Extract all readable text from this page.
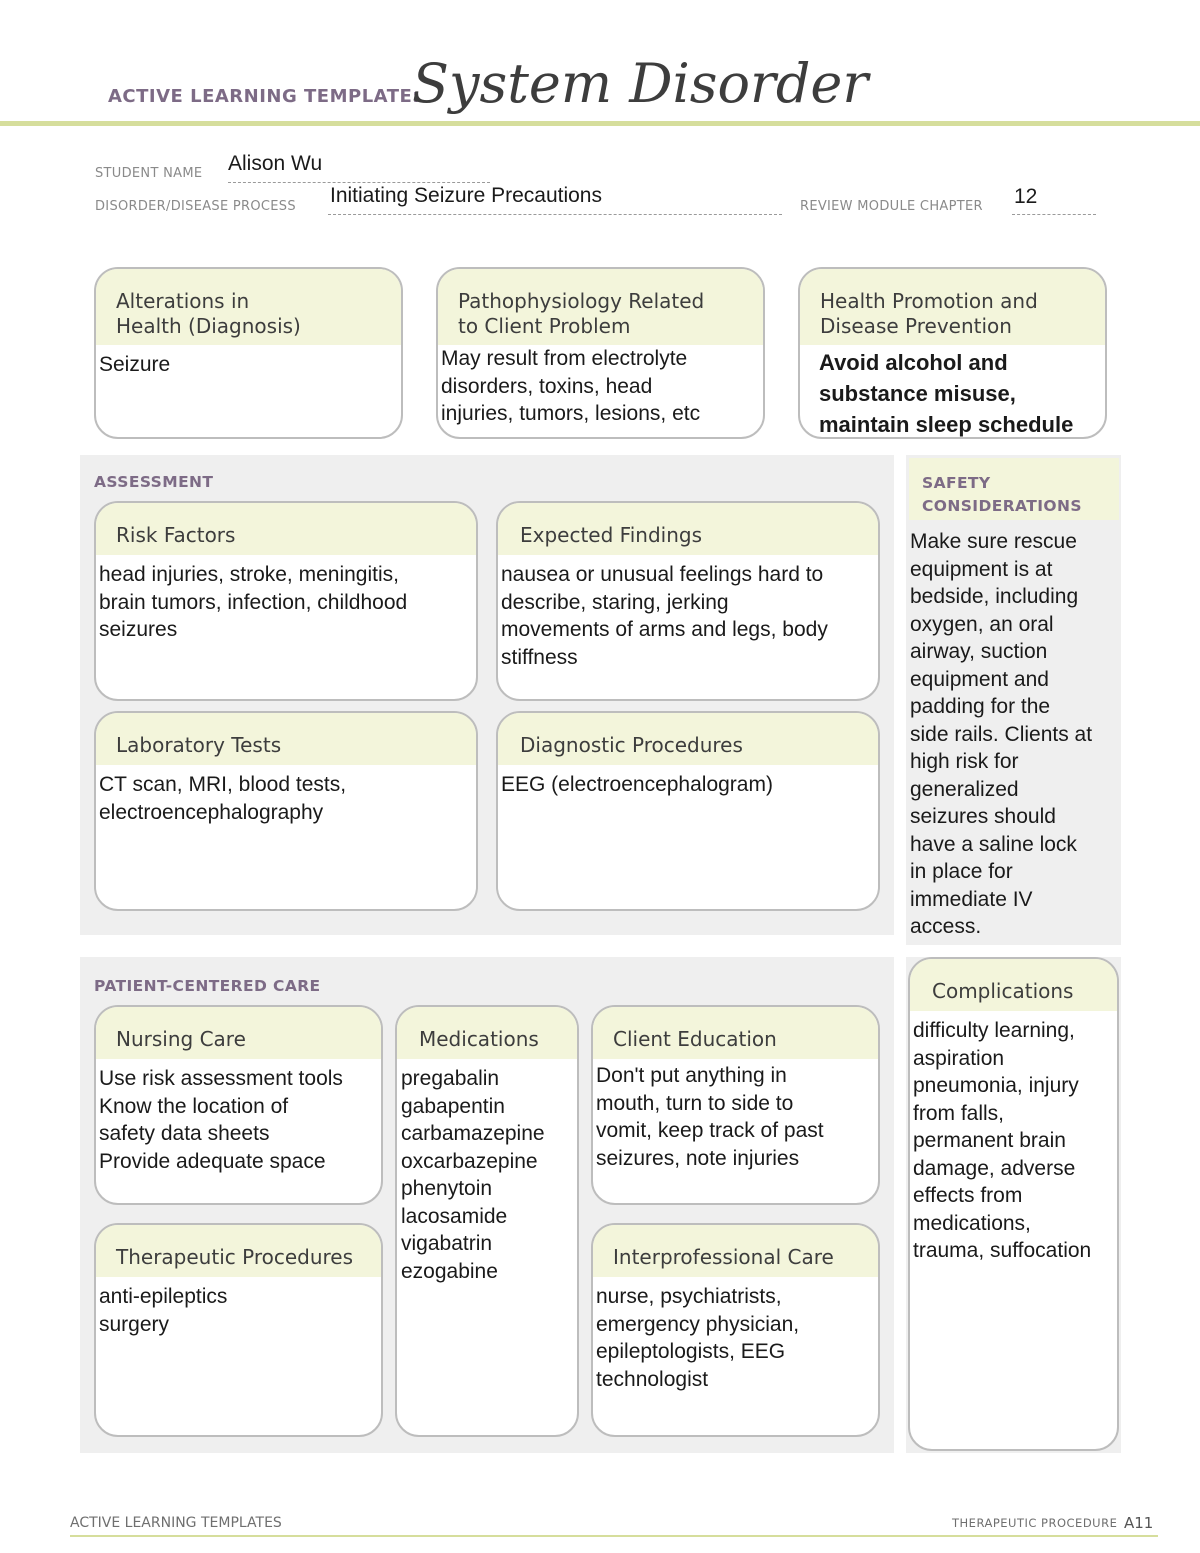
ACTIVE LEARNING TEMPLATE:
System Disorder
STUDENT NAME Alison Wu
DISORDER/DISEASE PROCESS Initiating Seizure Precautions	REVIEW MODULE CHAPTER 12
Alterations in
Health (Diagnosis)
Seizure
Pathophysiology Related
to Client Problem
May result from electrolyte
disorders, toxins, head
injuries, tumors, lesions, etc
Health Promotion and
Disease Prevention
Avoid alcohol and
substance misuse,
maintain sleep schedule
ASSESSMENT
Risk Factors
head injuries, stroke, meningitis,
brain tumors, infection, childhood
seizures
Expected Findings
nausea or unusual feelings hard to
describe, staring, jerking
movements of arms and legs, body
stiffness
Laboratory Tests
CT scan, MRI, blood tests,
electroencephalography
Diagnostic Procedures
EEG (electroencephalogram)
SAFETY
CONSIDERATIONS
Make sure rescue
equipment is at
bedside, including
oxygen, an oral
airway, suction
equipment and
padding for the
side rails. Clients at
high risk for
generalized
seizures should
have a saline lock
in place for
immediate IV
access.
PATIENT-CENTERED CARE
Nursing Care
Use risk assessment tools
Know the location of
safety data sheets
Provide adequate space
Medications
pregabalin
gabapentin
carbamazepine
oxcarbazepine
phenytoin
lacosamide
vigabatrin
ezogabine
Client Education
Don't put anything in
mouth, turn to side to
vomit, keep track of past
seizures, note injuries
Therapeutic Procedures
anti-epileptics
surgery
Interprofessional Care
nurse, psychiatrists,
emergency physician,
epileptologists, EEG
technologist
Complications
difficulty learning,
aspiration
pneumonia, injury
from falls,
permanent brain
damage, adverse
effects from
medications,
trauma, suffocation
ACTIVE LEARNING TEMPLATES	THERAPEUTIC PROCEDURE A11
